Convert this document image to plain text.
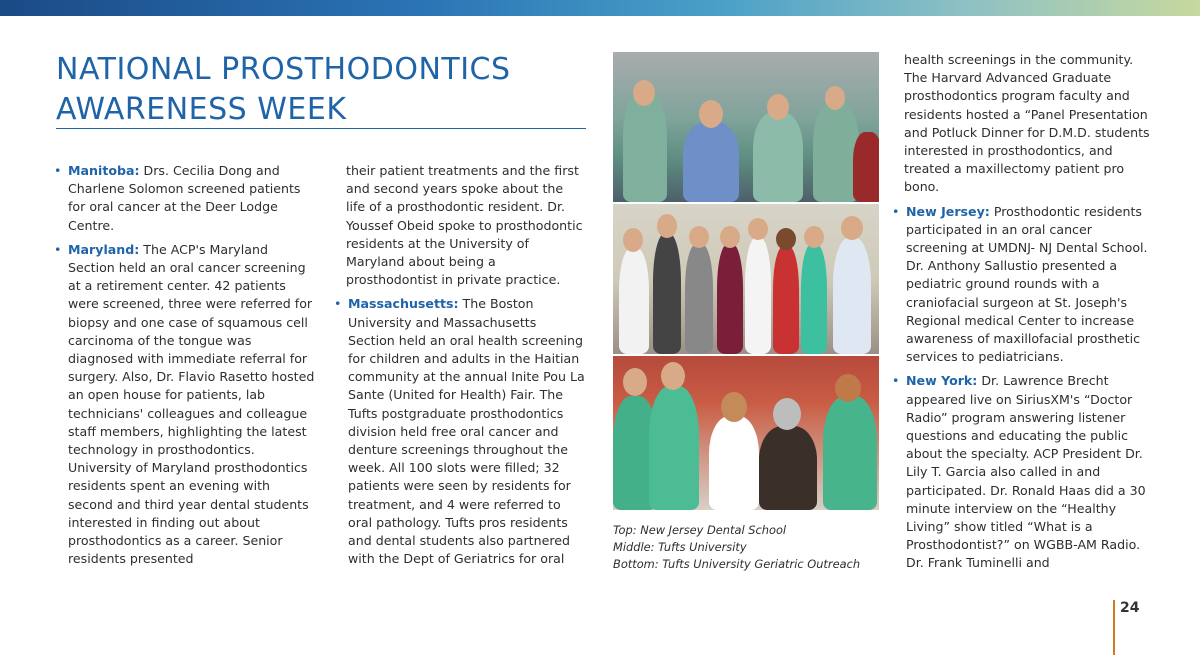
NATIONAL PROSTHODONTICS
AWARENESS WEEK
• Manitoba: Drs. Cecilia Dong and Charlene Solomon screened patients for oral cancer at the Deer Lodge Centre.
• Maryland: The ACP's Maryland Section held an oral cancer screening at a retirement center. 42 patients were screened, three were referred for biopsy and one case of squamous cell carcinoma of the tongue was diagnosed with immediate referral for surgery. Also, Dr. Flavio Rasetto hosted an open house for patients, lab technicians' colleagues and colleague staff members, highlighting the latest technology in prosthodontics. University of Maryland prosthodontics residents spent an evening with second and third year dental students interested in finding out about prosthodontics as a career. Senior residents presented
their patient treatments and the first and second years spoke about the life of a prosthodontic resident. Dr. Youssef Obeid spoke to prosthodontic residents at the University of Maryland about being a prosthodontist in private practice.
• Massachusetts: The Boston University and Massachusetts Section held an oral health screening for children and adults in the Haitian community at the annual Inite Pou La Sante (United for Health) Fair. The Tufts postgraduate prosthodontics division held free oral cancer and denture screenings throughout the week. All 100 slots were filled; 32 patients were seen by residents for treatment, and 4 were referred to oral pathology. Tufts pros residents and dental students also partnered with the Dept of Geriatrics for oral
Top: New Jersey Dental School
Middle: Tufts University
Bottom: Tufts University Geriatric Outreach
health screenings in the community. The Harvard Advanced Graduate prosthodontics program faculty and residents hosted a “Panel Presentation and Potluck Dinner for D.M.D. students interested in prosthodontics, and treated a maxillectomy patient pro bono.
• New Jersey: Prosthodontic residents participated in an oral cancer screening at UMDNJ- NJ Dental School. Dr. Anthony Sallustio presented a pediatric ground rounds with a craniofacial surgeon at St. Joseph's Regional medical Center to increase awareness of maxillofacial prosthetic services to pediatricians.
• New York: Dr. Lawrence Brecht appeared live on SiriusXM's “Doctor Radio” program answering listener questions and educating the public about the specialty. ACP President Dr. Lily T. Garcia also called in and participated. Dr. Ronald Haas did a 30 minute interview on the “Healthy Living” show titled “What is a Prosthodontist?” on WGBB-AM Radio. Dr. Frank Tuminelli and
24
